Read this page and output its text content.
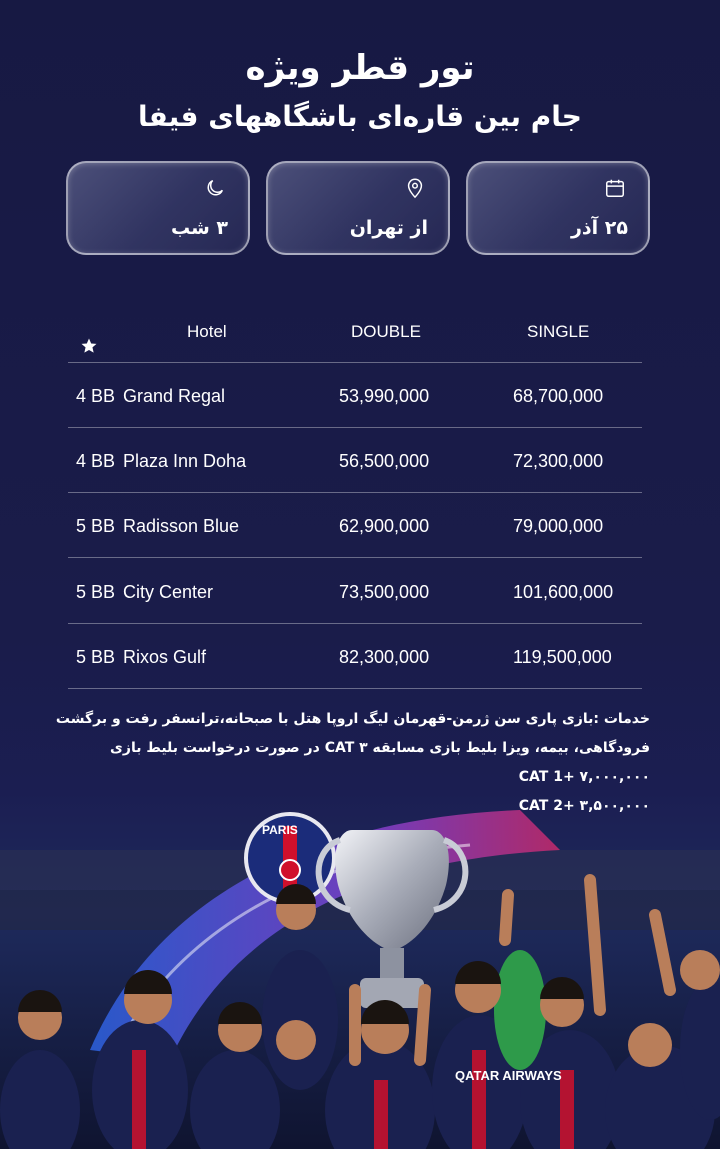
تور قطر ویژه
جام بین قاره‌ای باشگاههای فیفا
۲۵ آذر
از تهران
۳ شب
Hotel	DOUBLE	SINGLE
4 BB Grand Regal	53,990,000	68,700,000
4 BB Plaza Inn Doha	56,500,000	72,300,000
5 BB Radisson Blue	62,900,000	79,000,000
5 BB City Center	73,500,000	101,600,000
5 BB Rixos Gulf	82,300,000	119,500,000
QATAR AIRWAYS
PARIS
خدمات :بازی پاری سن ژرمن-قهرمان لیگ اروپا هتل با صبحانه،ترانسفر رفت و برگشت
فرودگاهی، بیمه، ویزا بلیط بازی مسابقه CAT ۳ در صورت درخواست بلیط بازی
CAT 1+ ۷,۰۰۰,۰۰۰
CAT 2+ ۳,۵۰۰,۰۰۰
